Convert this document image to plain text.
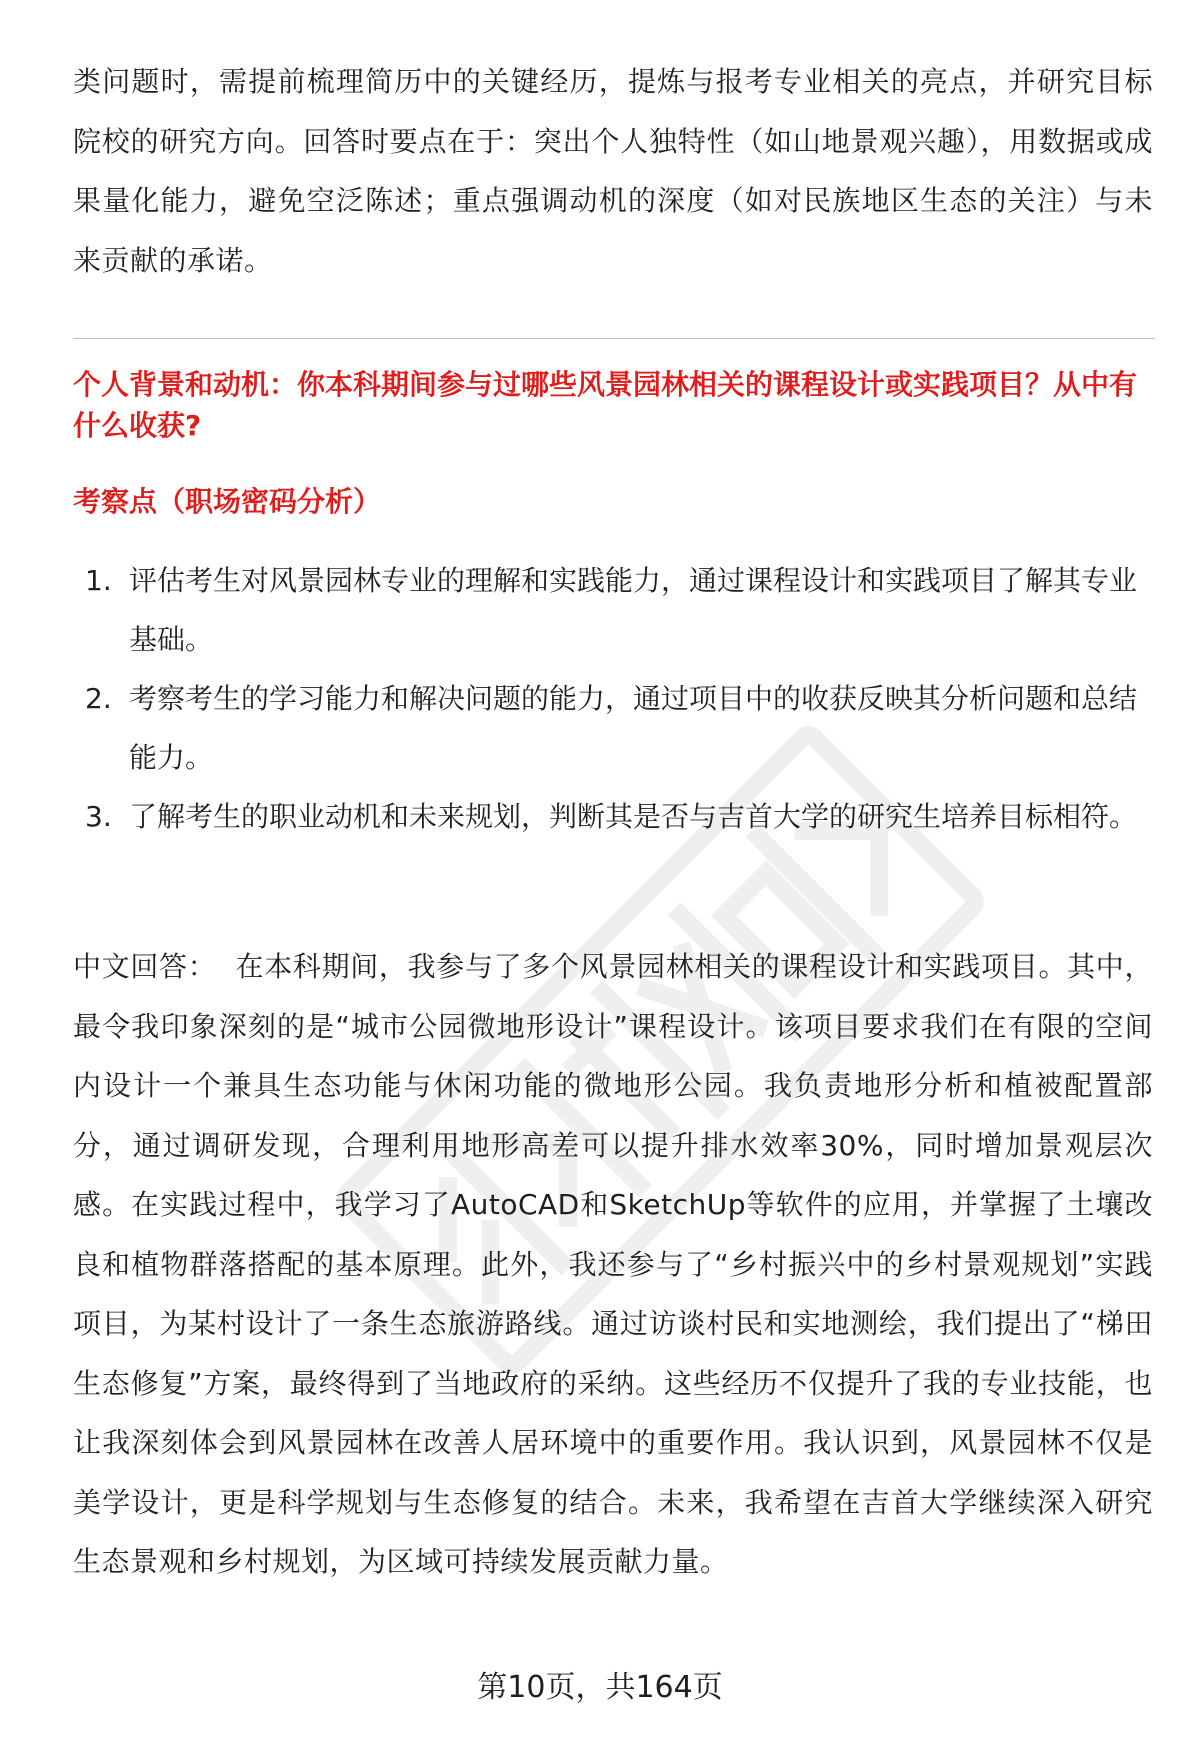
类问题时，需提前梳理简历中的关键经历，提炼与报考专业相关的亮点，并研究目标院校的研究方向。回答时要点在于：突出个人独特性（如山地景观兴趣），用数据或成果量化能力，避免空泛陈述；重点强调动机的深度（如对民族地区生态的关注）与未来贡献的承诺。

个人背景和动机：你本科期间参与过哪些风景园林相关的课程设计或实践项目？从中有什么收获?

考察点（职场密码分析）

1. 评估考生对风景园林专业的理解和实践能力，通过课程设计和实践项目了解其专业基础。
2. 考察考生的学习能力和解决问题的能力，通过项目中的收获反映其分析问题和总结能力。
3. 了解考生的职业动机和未来规划，判断其是否与吉首大学的研究生培养目标相符。

中文回答： 在本科期间，我参与了多个风景园林相关的课程设计和实践项目。其中，最令我印象深刻的是“城市公园微地形设计”课程设计。该项目要求我们在有限的空间内设计一个兼具生态功能与休闲功能的微地形公园。我负责地形分析和植被配置部分，通过调研发现，合理利用地形高差可以提升排水效率30%，同时增加景观层次感。在实践过程中，我学习了AutoCAD和SketchUp等软件的应用，并掌握了土壤改良和植物群落搭配的基本原理。此外，我还参与了“乡村振兴中的乡村景观规划”实践项目，为某村设计了一条生态旅游路线。通过访谈村民和实地测绘，我们提出了“梯田生态修复”方案，最终得到了当地政府的采纳。这些经历不仅提升了我的专业技能，也让我深刻体会到风景园林在改善人居环境中的重要作用。我认识到，风景园林不仅是美学设计，更是科学规划与生态修复的结合。未来，我希望在吉首大学继续深入研究生态景观和乡村规划，为区域可持续发展贡献力量。

第10页，共164页
